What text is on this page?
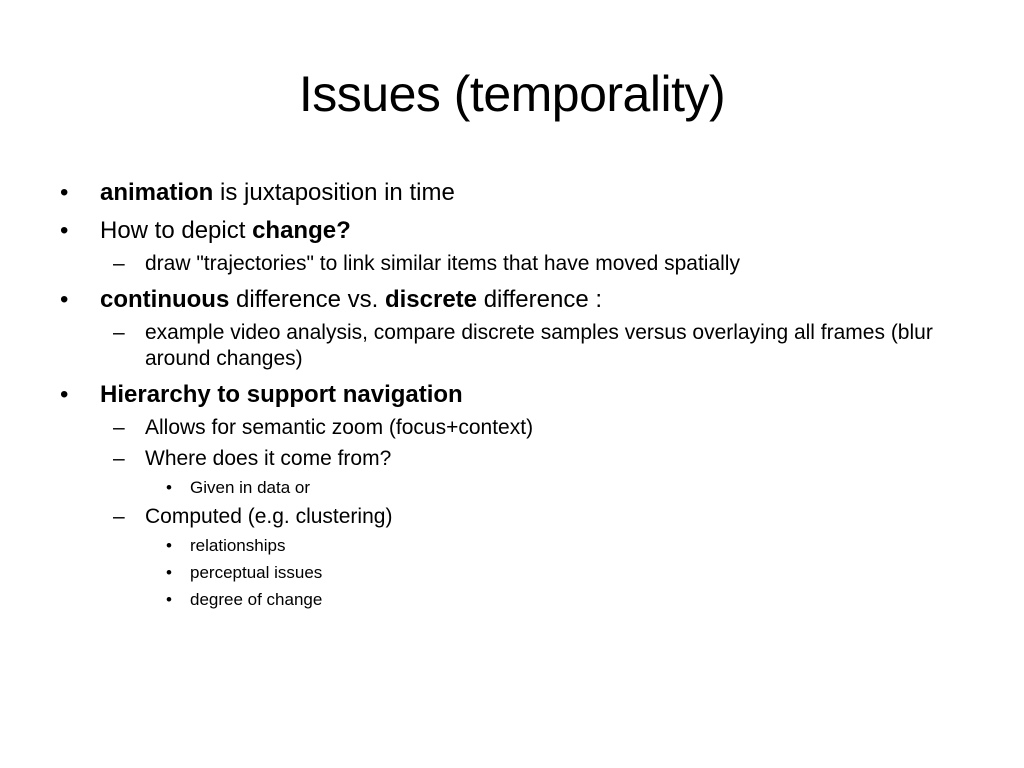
Issues (temporality)
• animation is juxtaposition in time
• How to depict change?
– draw "trajectories" to link similar items that have moved spatially
• continuous difference vs. discrete difference :
– example video analysis, compare discrete samples versus overlaying all frames (blur around changes)
• Hierarchy to support navigation
– Allows for semantic zoom (focus+context)
– Where does it come from?
• Given in data or
– Computed (e.g. clustering)
• relationships
• perceptual issues
• degree of change
